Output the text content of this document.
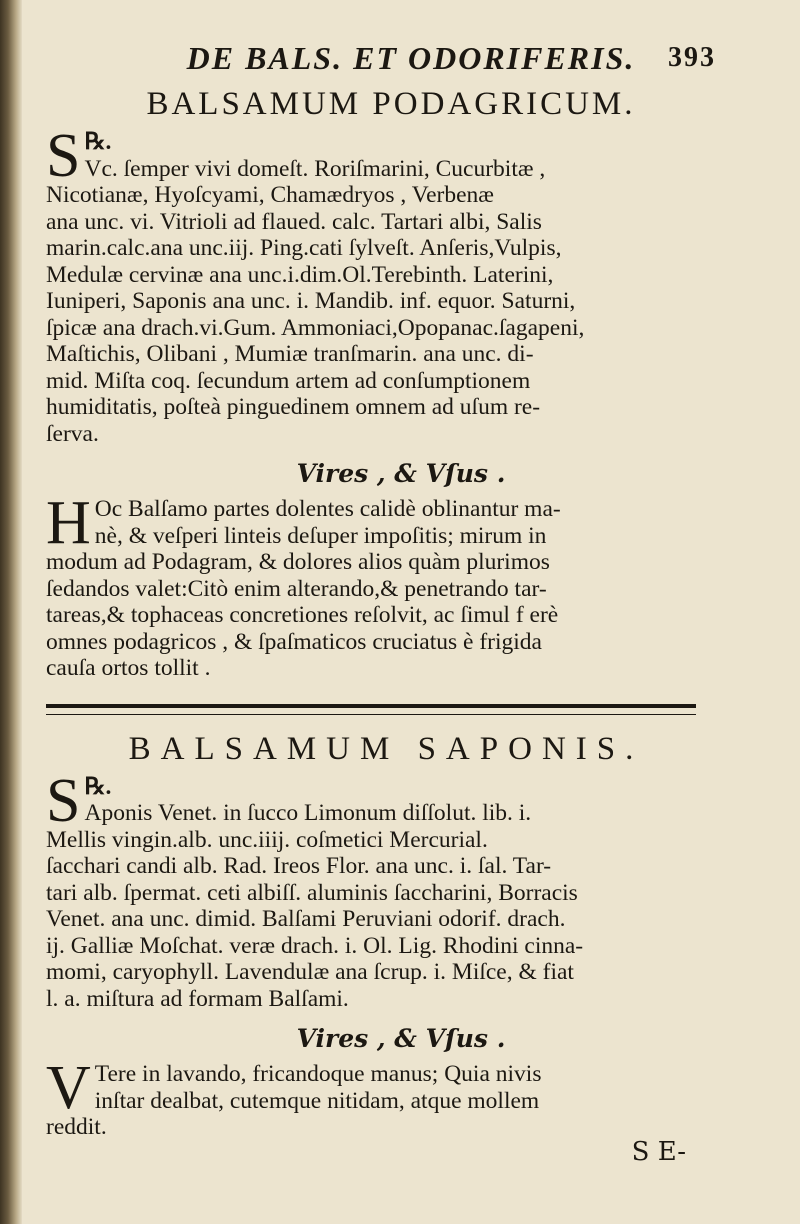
DE BALS. ET ODORIFERIS. 393
BALSAMUM PODAGRICUM.
℞.
S Vc. ſemper vivi domeſt. Roriſmarini, Cucurbitæ ,
Nicotianæ, Hyoſcyami, Chamædryos , Verbenæ
ana unc. vi. Vitrioli ad flaued. calc. Tartari albi, Salis
marin.calc.ana unc.iij. Ping.cati ſylveſt. Anſeris,Vulpis,
Medulæ cervinæ ana unc.i.dim.Ol.Terebinth. Laterini,
Iuniperi, Saponis ana unc. i. Mandib. inf. equor. Saturni,
ſpicæ ana drach.vi.Gum. Ammoniaci,Opopanac.ſagapeni,
Maſtichis, Olibani , Mumiæ tranſmarin. ana unc. di-
mid. Miſta coq. ſecundum artem ad conſumptionem
humiditatis, poſteà pinguedinem omnem ad uſum re-
ſerva.
Vires , & Vſus .
H Oc Balſamo partes dolentes calidè oblinantur ma-
nè, & veſperi linteis deſuper impoſitis; mirum in
modum ad Podagram, & dolores alios quàm plurimos
ſedandos valet:Citò enim alterando,& penetrando tar-
tareas,& tophaceas concretiones reſolvit, ac ſimul f erè
omnes podagricos , & ſpaſmaticos cruciatus è frigida
cauſa ortos tollit .
BALSAMUM SAPONIS.
℞.
S Aponis Venet. in ſucco Limonum diſſolut. lib. i.
Mellis vingin.alb. unc.iiij. coſmetici Mercurial.
ſacchari candi alb. Rad. Ireos Flor. ana unc. i. ſal. Tar-
tari alb. ſpermat. ceti albiſſ. aluminis ſaccharini, Borracis
Venet. ana unc. dimid. Balſami Peruviani odorif. drach.
ij. Galliæ Moſchat. veræ drach. i. Ol. Lig. Rhodini cinna-
momi, caryophyll. Lavendulæ ana ſcrup. i. Miſce, & fiat
l. a. miſtura ad formam Balſami.
Vires , & Vſus .
V Tere in lavando, fricandoque manus; Quia nivis
inſtar dealbat, cutemque nitidam, atque mollem
reddit.
S E-
